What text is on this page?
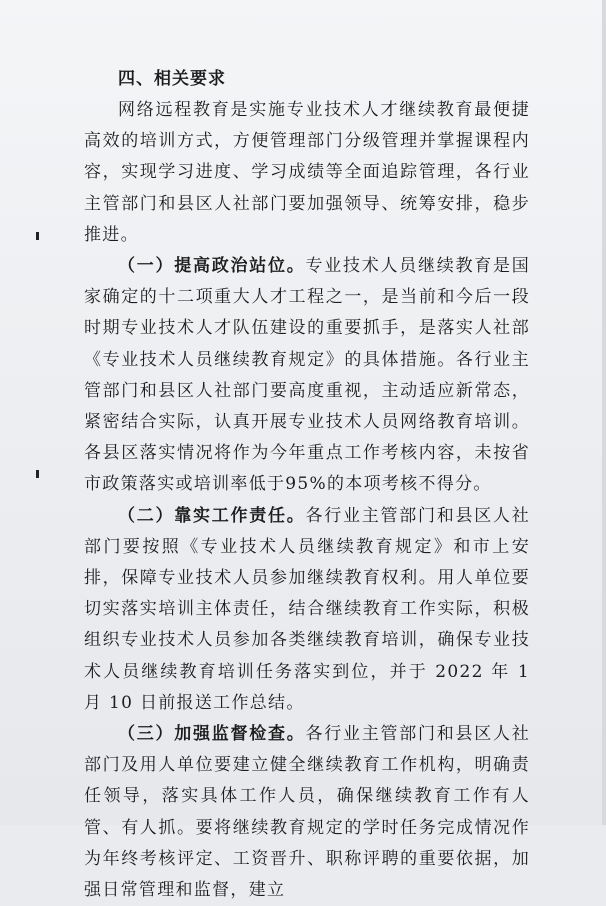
四、相关要求

网络远程教育是实施专业技术人才继续教育最便捷高效的培训方式，方便管理部门分级管理并掌握课程内容，实现学习进度、学习成绩等全面追踪管理，各行业主管部门和县区人社部门要加强领导、统筹安排，稳步推进。

（一）提高政治站位。专业技术人员继续教育是国家确定的十二项重大人才工程之一，是当前和今后一段时期专业技术人才队伍建设的重要抓手，是落实人社部《专业技术人员继续教育规定》的具体措施。各行业主管部门和县区人社部门要高度重视，主动适应新常态，紧密结合实际，认真开展专业技术人员网络教育培训。各县区落实情况将作为今年重点工作考核内容，未按省市政策落实或培训率低于95%的本项考核不得分。

（二）靠实工作责任。各行业主管部门和县区人社部门要按照《专业技术人员继续教育规定》和市上安排，保障专业技术人员参加继续教育权利。用人单位要切实落实培训主体责任，结合继续教育工作实际，积极组织专业技术人员参加各类继续教育培训，确保专业技术人员继续教育培训任务落实到位，并于 2022 年 1 月 10 日前报送工作总结。

（三）加强监督检查。各行业主管部门和县区人社部门及用人单位要建立健全继续教育工作机构，明确责任领导，落实具体工作人员，确保继续教育工作有人管、有人抓。要将继续教育规定的学时任务完成情况作为年终考核评定、工资晋升、职称评聘的重要依据，加强日常管理和监督，建立
